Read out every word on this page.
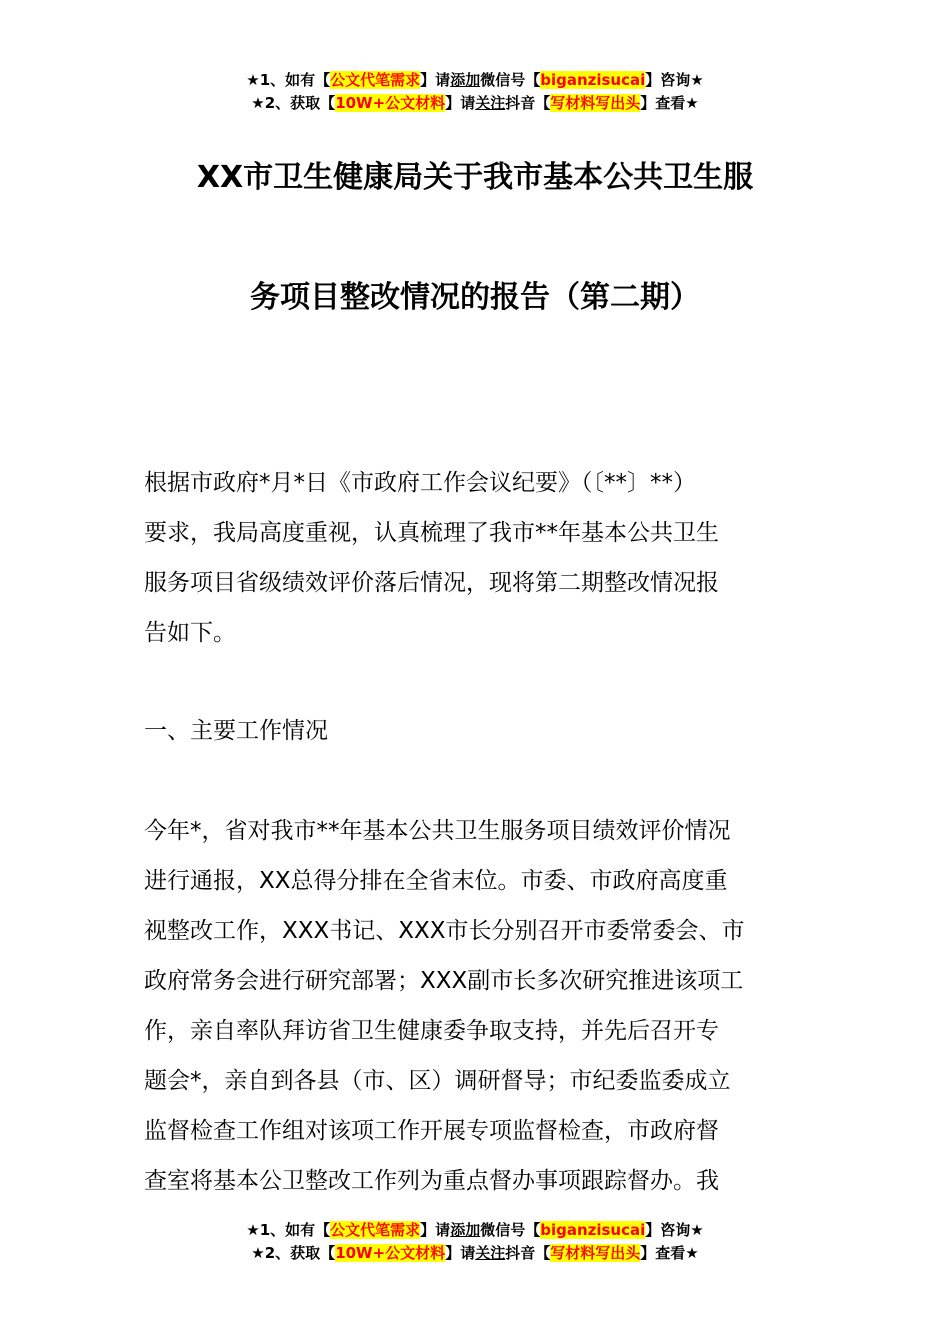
★1、如有【公文代笔需求】请添加微信号【biganzisucai】咨询★
★2、获取【10W+公文材料】请关注抖音【写材料写出头】查看★
XX市卫生健康局关于我市基本公共卫生服
务项目整改情况的报告（第二期）
根据市政府*月*日《市政府工作会议纪要》（〔**〕**）
要求，我局高度重视，认真梳理了我市**年基本公共卫生
服务项目省级绩效评价落后情况，现将第二期整改情况报
告如下。
一、主要工作情况
今年*，省对我市**年基本公共卫生服务项目绩效评价情况
进行通报，XX总得分排在全省末位。市委、市政府高度重
视整改工作，XXX书记、XXX市长分别召开市委常委会、市
政府常务会进行研究部署；XXX副市长多次研究推进该项工
作，亲自率队拜访省卫生健康委争取支持，并先后召开专
题会*，亲自到各县（市、区）调研督导；市纪委监委成立
监督检查工作组对该项工作开展专项监督检查，市政府督
查室将基本公卫整改工作列为重点督办事项跟踪督办。我
★1、如有【公文代笔需求】请添加微信号【biganzisucai】咨询★
★2、获取【10W+公文材料】请关注抖音【写材料写出头】查看★
